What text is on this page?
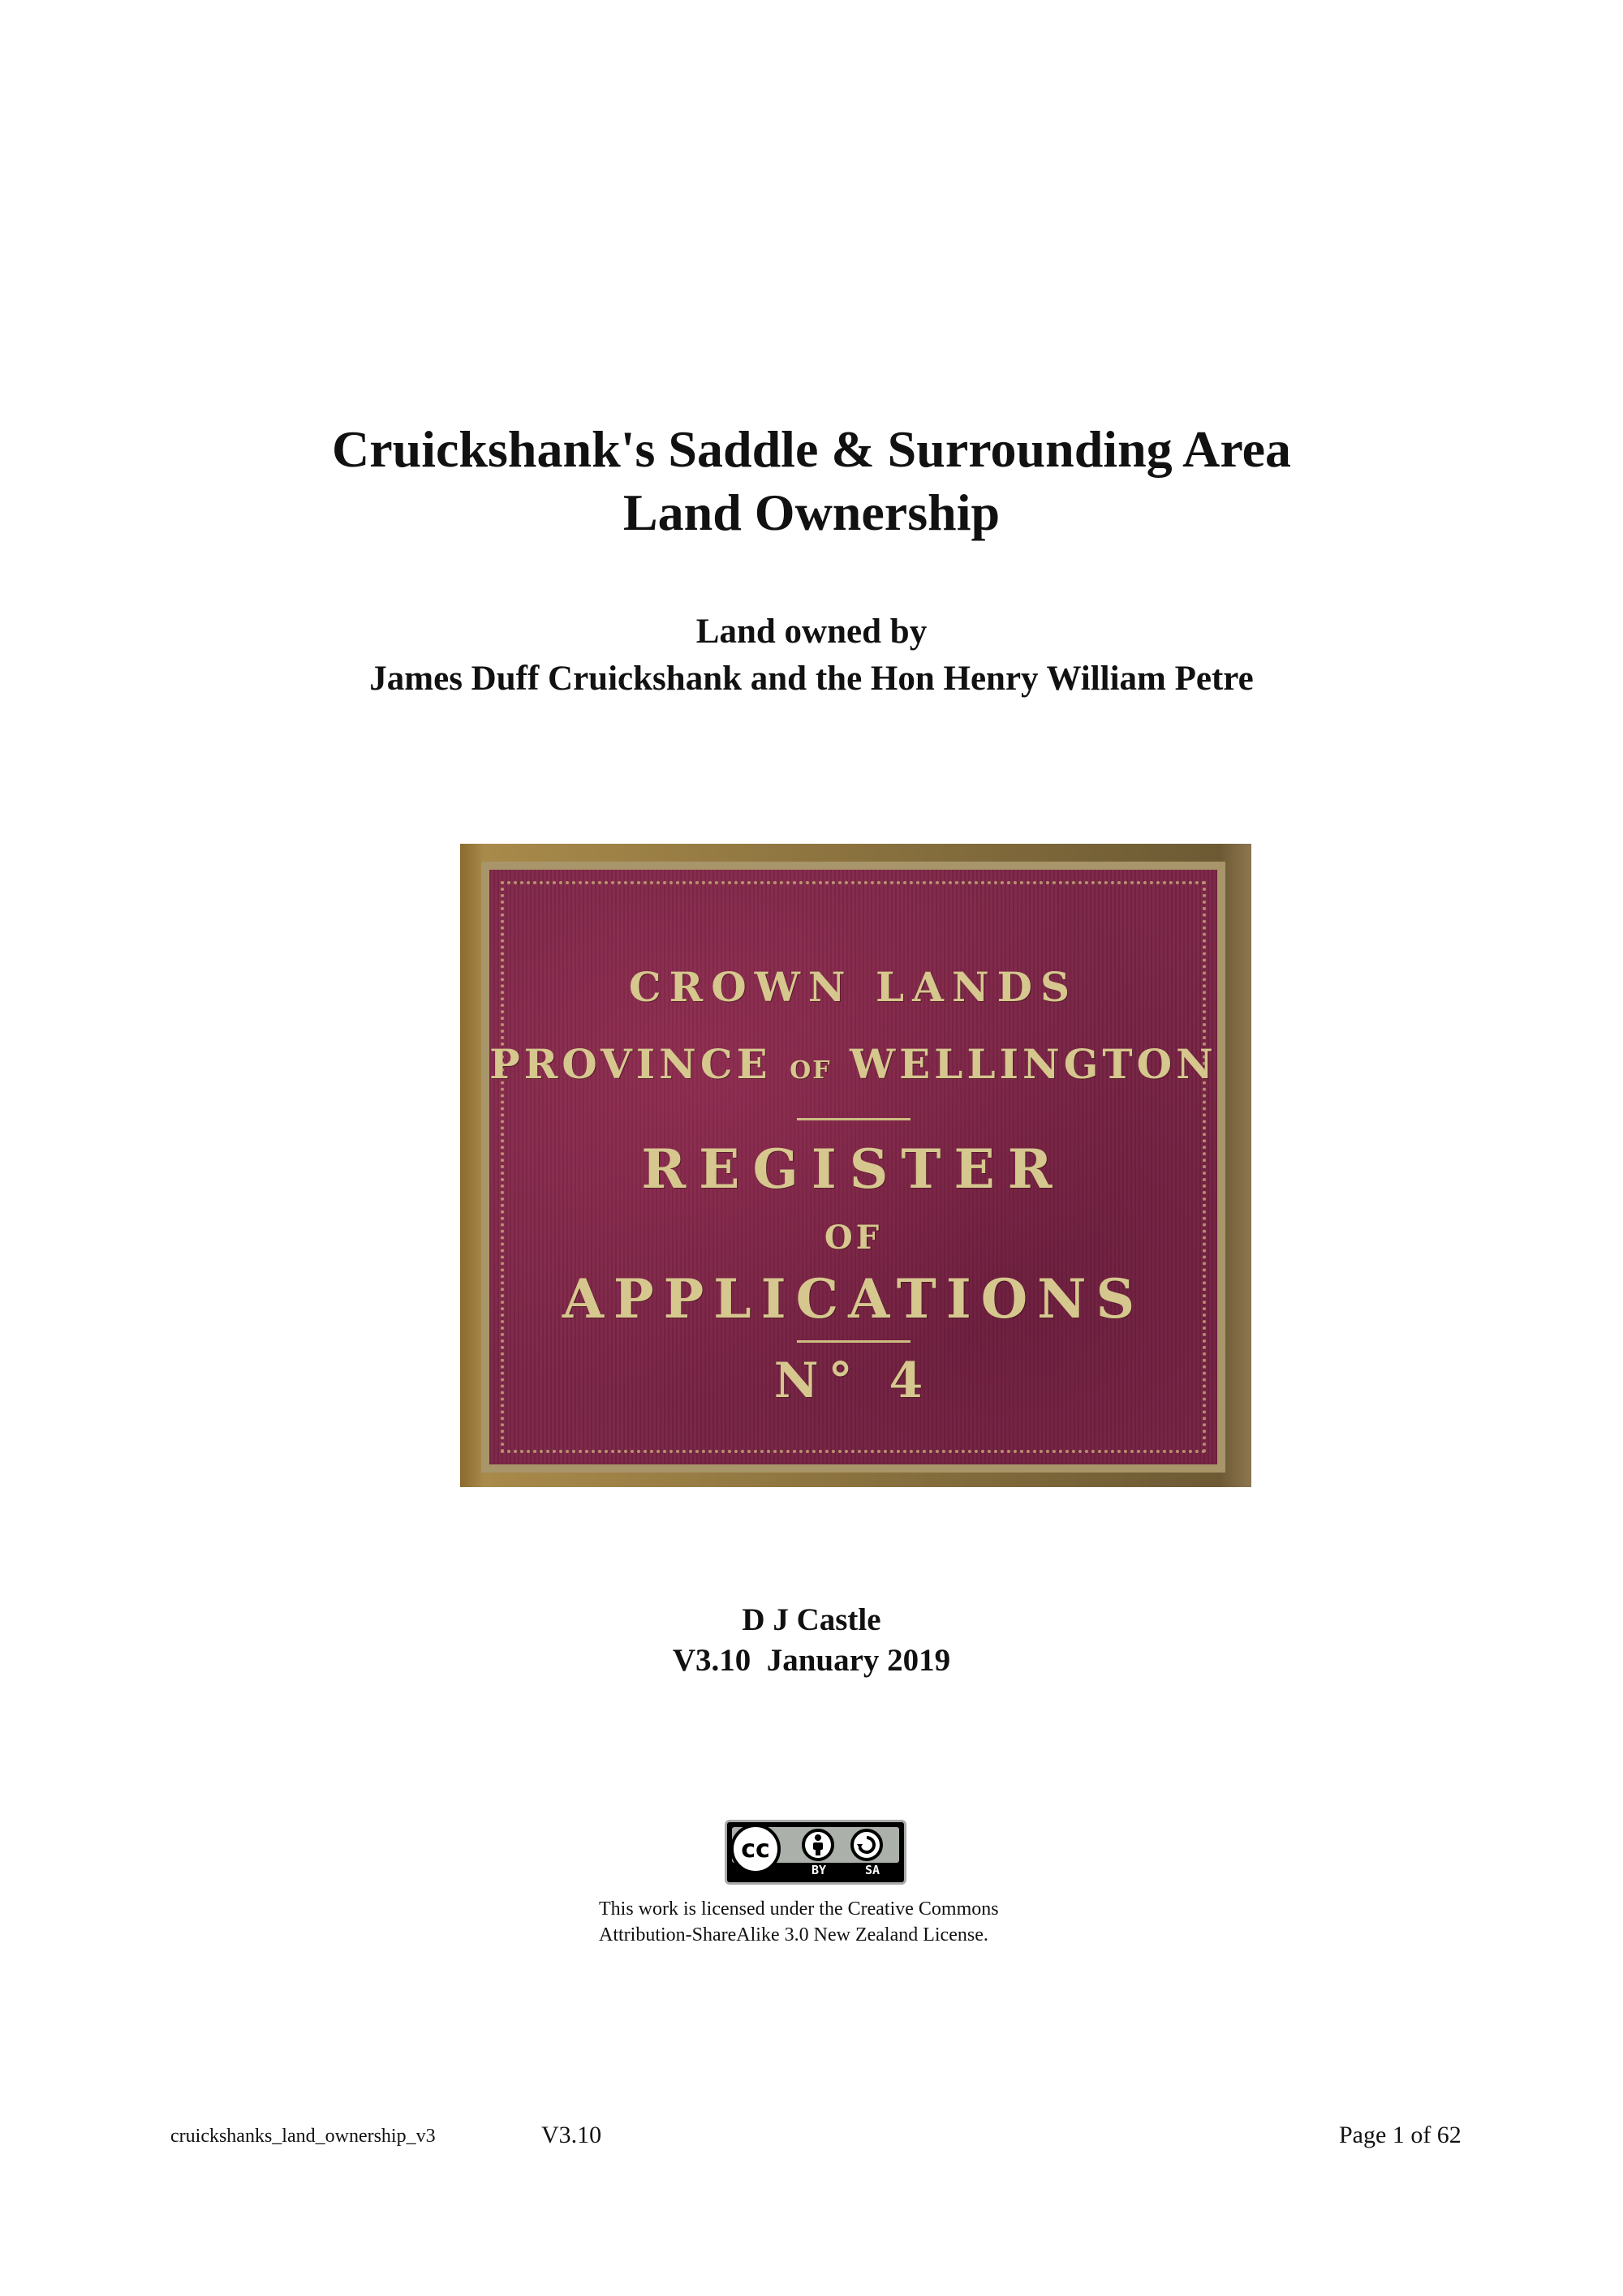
Cruickshank's Saddle & Surrounding Area
Land Ownership
Land owned by
James Duff Cruickshank and the Hon Henry William Petre
CROWN LANDS
PROVINCE OF WELLINGTON
REGISTER
OF
APPLICATIONS
N° 4
D J Castle
V3.10  January 2019
cc
BY	SA
This work is licensed under the Creative Commons
Attribution-ShareAlike 3.0 New Zealand License.
cruickshanks_land_ownership_v3	V3.10	Page 1 of 62
